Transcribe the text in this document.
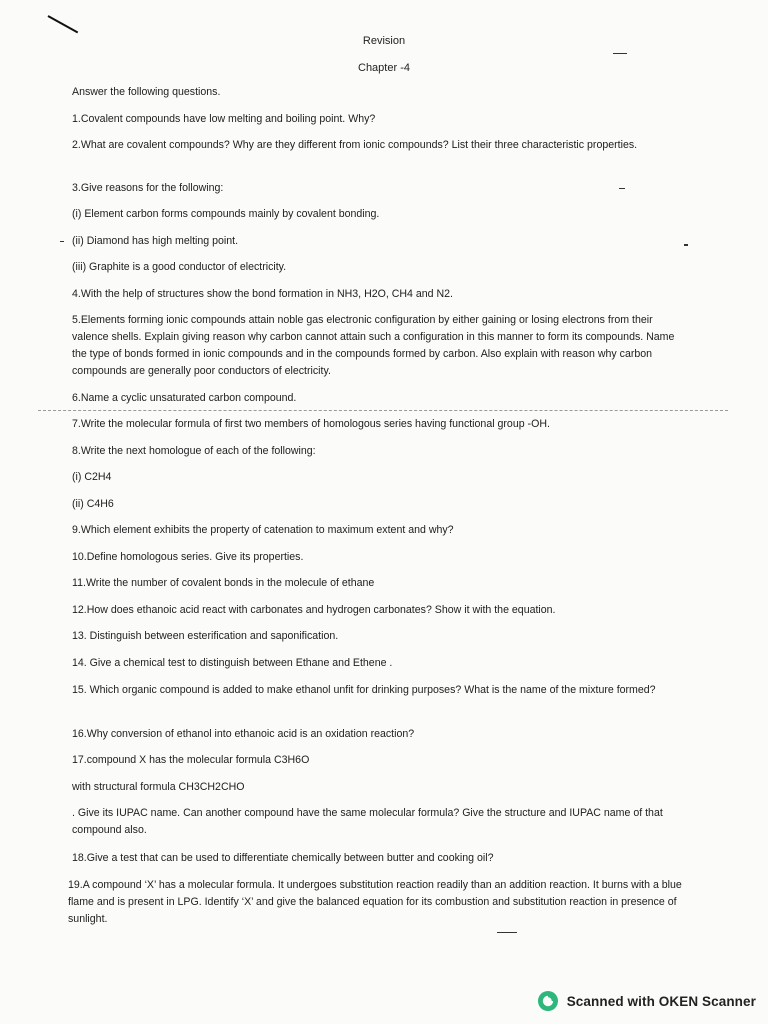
Revision
Chapter -4
Answer the following questions.
1.Covalent compounds have low melting and boiling point. Why?
2.What are covalent compounds? Why are they different from ionic compounds? List their three characteristic properties.
3.Give reasons for the following:
(i) Element carbon forms compounds mainly by covalent bonding.
(ii) Diamond has high melting point.
(iii) Graphite is a good conductor of electricity.
4.With the help of structures show the bond formation in NH3, H2O, CH4 and N2.
5.Elements forming ionic compounds attain noble gas electronic configuration by either gaining or losing electrons from their valence shells. Explain giving reason why carbon cannot attain such a configuration in this manner to form its compounds. Name the type of bonds formed in ionic compounds and in the compounds formed by carbon. Also explain with reason why carbon compounds are generally poor conductors of electricity.
6.Name a cyclic unsaturated carbon compound.
7.Write the molecular formula of first two members of homologous series having functional group -OH.
8.Write the next homologue of each of the following:
(i) C2H4
(ii) C4H6
9.Which element exhibits the property of catenation to maximum extent and why?
10.Define homologous series. Give its properties.
11.Write the number of covalent bonds in the molecule of ethane
12.How does ethanoic acid react with carbonates and hydrogen carbonates? Show it with the equation.
13. Distinguish between esterification and saponification.
14. Give a chemical test to distinguish between Ethane and Ethene .
15. Which organic compound is added to make ethanol unfit for drinking purposes? What is the name of the mixture formed?
16.Why conversion of ethanol into ethanoic acid is an oxidation reaction?
17.compound X has the molecular formula C3H6O
with structural formula CH3CH2CHO
. Give its IUPAC name. Can another compound have the same molecular formula? Give the structure and IUPAC name of that compound also.
18.Give a test that can be used to differentiate chemically between butter and cooking oil?
19.A compound ‘X’ has a molecular formula. It undergoes substitution reaction readily than an addition reaction. It burns with a blue flame and is present in LPG. Identify ‘X’ and give the balanced equation for its combustion and substitution reaction in presence of sunlight.
Scanned with OKEN Scanner
